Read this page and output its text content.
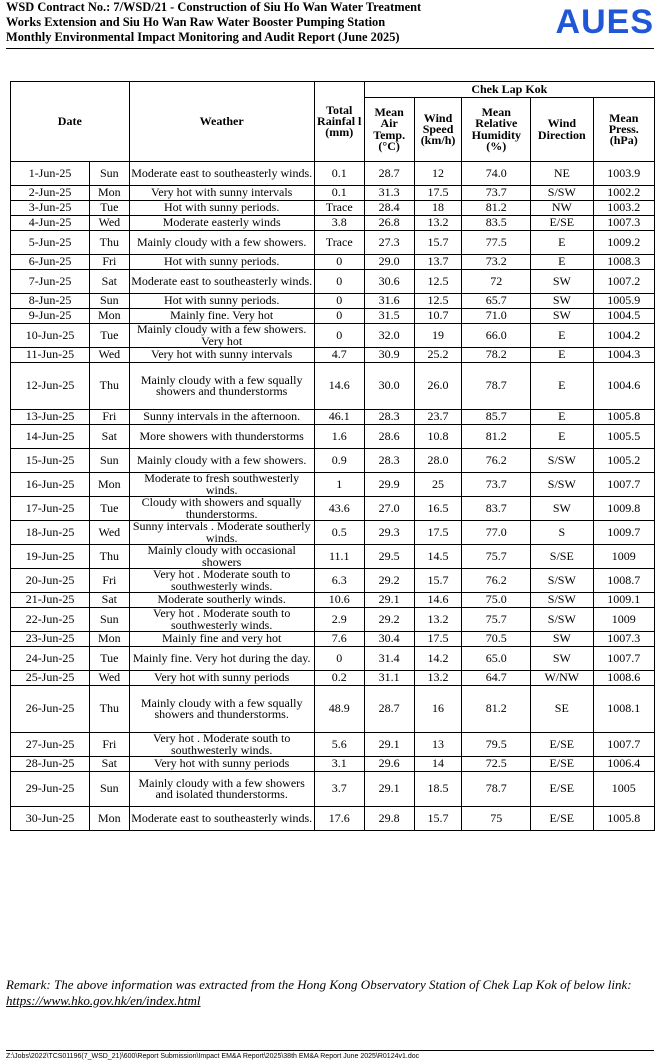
WSD Contract No.: 7/WSD/21 - Construction of Siu Ho Wan Water Treatment
Works Extension and Siu Ho Wan Raw Water Booster Pumping Station
Monthly Environmental Impact Monitoring and Audit Report (June 2025)	AUES
Date		Weather	Total Rainfal l (mm)	Chek Lap Kok				
				Mean Air Temp. (°C)	Wind Speed (km/h)	Mean Relative Humidity (%)	Wind Direction	Mean Press. (hPa)
1-Jun-25	Sun	Moderate east to southeasterly winds.	0.1	28.7	12	74.0	NE	1003.9
2-Jun-25	Mon	Very hot with sunny intervals	0.1	31.3	17.5	73.7	S/SW	1002.2
3-Jun-25	Tue	Hot with sunny periods.	Trace	28.4	18	81.2	NW	1003.2
4-Jun-25	Wed	Moderate easterly winds	3.8	26.8	13.2	83.5	E/SE	1007.3
5-Jun-25	Thu	Mainly cloudy with a few showers.	Trace	27.3	15.7	77.5	E	1009.2
6-Jun-25	Fri	Hot with sunny periods.	0	29.0	13.7	73.2	E	1008.3
7-Jun-25	Sat	Moderate east to southeasterly winds.	0	30.6	12.5	72	SW	1007.2
8-Jun-25	Sun	Hot with sunny periods.	0	31.6	12.5	65.7	SW	1005.9
9-Jun-25	Mon	Mainly fine. Very hot	0	31.5	10.7	71.0	SW	1004.5
10-Jun-25	Tue	Mainly cloudy with a few showers. Very hot	0	32.0	19	66.0	E	1004.2
11-Jun-25	Wed	Very hot with sunny intervals	4.7	30.9	25.2	78.2	E	1004.3
12-Jun-25	Thu	Mainly cloudy with a few squally showers and thunderstorms	14.6	30.0	26.0	78.7	E	1004.6
13-Jun-25	Fri	Sunny intervals in the afternoon.	46.1	28.3	23.7	85.7	E	1005.8
14-Jun-25	Sat	More showers with thunderstorms	1.6	28.6	10.8	81.2	E	1005.5
15-Jun-25	Sun	Mainly cloudy with a few showers.	0.9	28.3	28.0	76.2	S/SW	1005.2
16-Jun-25	Mon	Moderate to fresh southwesterly winds.	1	29.9	25	73.7	S/SW	1007.7
17-Jun-25	Tue	Cloudy with showers and squally thunderstorms.	43.6	27.0	16.5	83.7	SW	1009.8
18-Jun-25	Wed	Sunny intervals . Moderate southerly winds.	0.5	29.3	17.5	77.0	S	1009.7
19-Jun-25	Thu	Mainly cloudy with occasional showers	11.1	29.5	14.5	75.7	S/SE	1009
20-Jun-25	Fri	Very hot . Moderate south to southwesterly winds.	6.3	29.2	15.7	76.2	S/SW	1008.7
21-Jun-25	Sat	Moderate southerly winds.	10.6	29.1	14.6	75.0	S/SW	1009.1
22-Jun-25	Sun	Very hot . Moderate south to southwesterly winds.	2.9	29.2	13.2	75.7	S/SW	1009
23-Jun-25	Mon	Mainly fine and very hot	7.6	30.4	17.5	70.5	SW	1007.3
24-Jun-25	Tue	Mainly fine. Very hot during the day.	0	31.4	14.2	65.0	SW	1007.7
25-Jun-25	Wed	Very hot with sunny periods	0.2	31.1	13.2	64.7	W/NW	1008.6
26-Jun-25	Thu	Mainly cloudy with a few squally showers and thunderstorms.	48.9	28.7	16	81.2	SE	1008.1
27-Jun-25	Fri	Very hot . Moderate south to southwesterly winds.	5.6	29.1	13	79.5	E/SE	1007.7
28-Jun-25	Sat	Very hot with sunny periods	3.1	29.6	14	72.5	E/SE	1006.4
29-Jun-25	Sun	Mainly cloudy with a few showers and isolated thunderstorms.	3.7	29.1	18.5	78.7	E/SE	1005
30-Jun-25	Mon	Moderate east to southeasterly winds.	17.6	29.8	15.7	75	E/SE	1005.8
Remark: The above information was extracted from the Hong Kong Observatory Station of Chek Lap Kok of below link:
https://www.hko.gov.hk/en/index.html
Z:\Jobs\2022\TCS01196(7_WSD_21)\600\Report Submission\Impact EM&A Report\2025\38th EM&A Report June 2025\R0124v1.doc
